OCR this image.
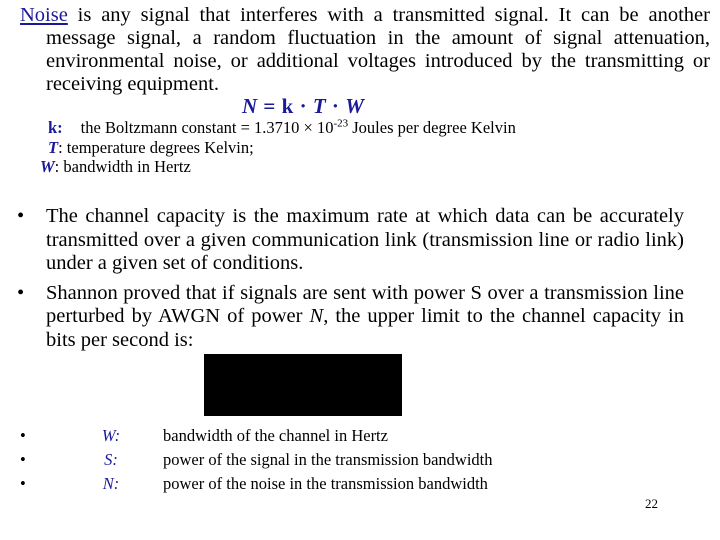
Noise is any signal that interferes with a transmitted signal. It can be another message signal, a random fluctuation in the amount of signal attenuation, environmental noise, or additional voltages introduced by the transmitting or receiving equipment.
N = k · T · W
k: the Boltzmann constant = $1.3710 \times 10^{-23}$ Joules per degree Kelvin
T: temperature degrees Kelvin;
W: bandwidth in Hertz
• The channel capacity is the maximum rate at which data can be accurately transmitted over a given communication link (transmission line or radio link) under a given set of conditions.
• Shannon proved that if signals are sent with power S over a transmission line perturbed by AWGN of power N, the upper limit to the channel capacity in bits per second is:
•	W:	bandwidth of the channel in Hertz
•	S:	power of the signal in the transmission bandwidth
•	N:	power of the noise in the transmission bandwidth
22
